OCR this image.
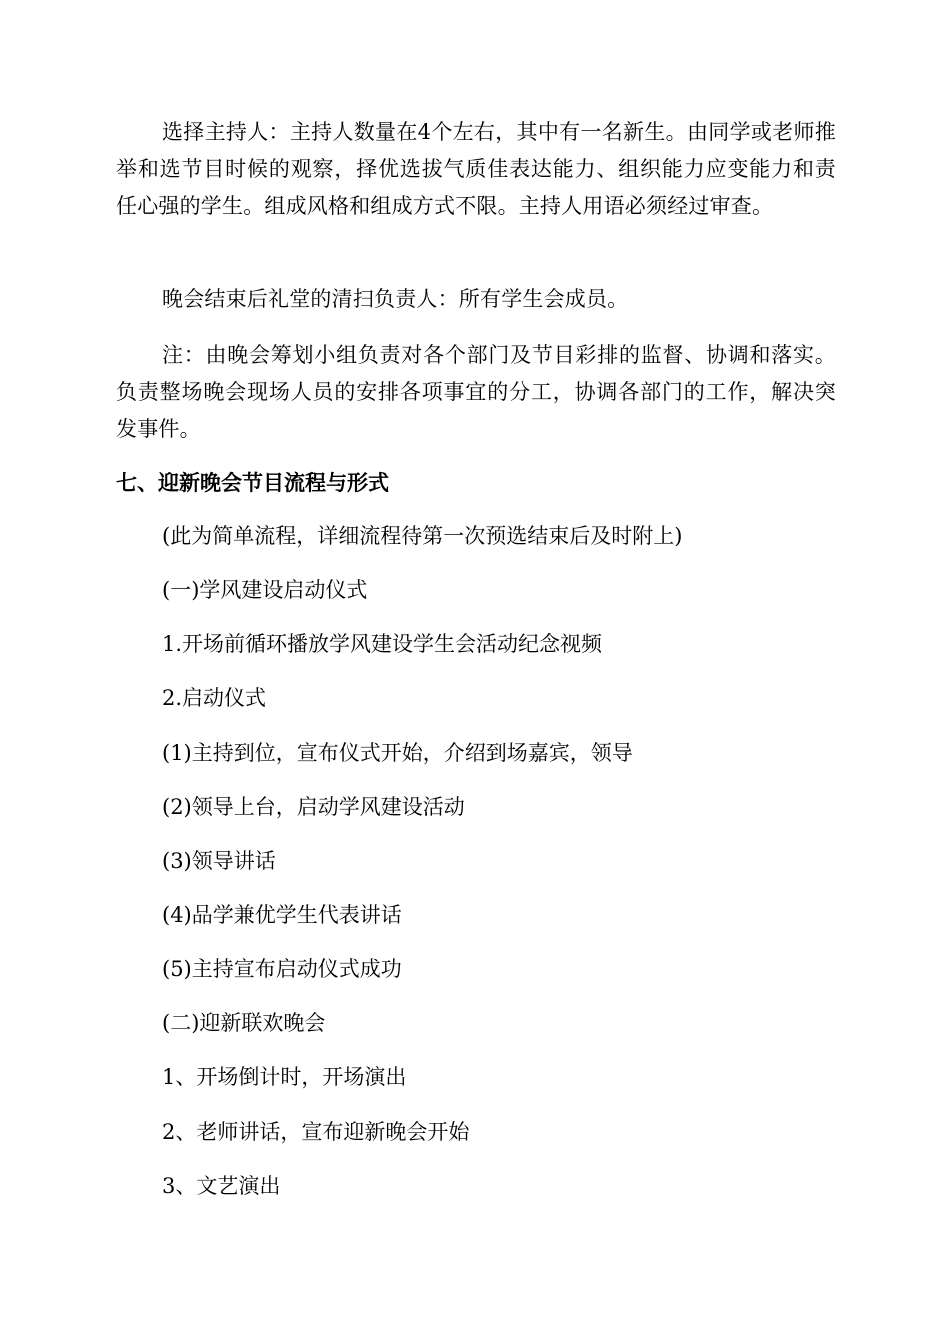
选择主持人：主持人数量在4个左右，其中有一名新生。由同学或老师推举和选节目时候的观察，择优选拔气质佳表达能力、组织能力应变能力和责任心强的学生。组成风格和组成方式不限。主持人用语必须经过审查。

晚会结束后礼堂的清扫负责人：所有学生会成员。

注：由晚会筹划小组负责对各个部门及节目彩排的监督、协调和落实。负责整场晚会现场人员的安排各项事宜的分工，协调各部门的工作，解决突发事件。

七、迎新晚会节目流程与形式

(此为简单流程，详细流程待第一次预选结束后及时附上)

(一)学风建设启动仪式

1.开场前循环播放学风建设学生会活动纪念视频

2.启动仪式

(1)主持到位，宣布仪式开始，介绍到场嘉宾，领导

(2)领导上台，启动学风建设活动

(3)领导讲话

(4)品学兼优学生代表讲话

(5)主持宣布启动仪式成功

(二)迎新联欢晚会

1、开场倒计时，开场演出

2、老师讲话，宣布迎新晚会开始

3、文艺演出
